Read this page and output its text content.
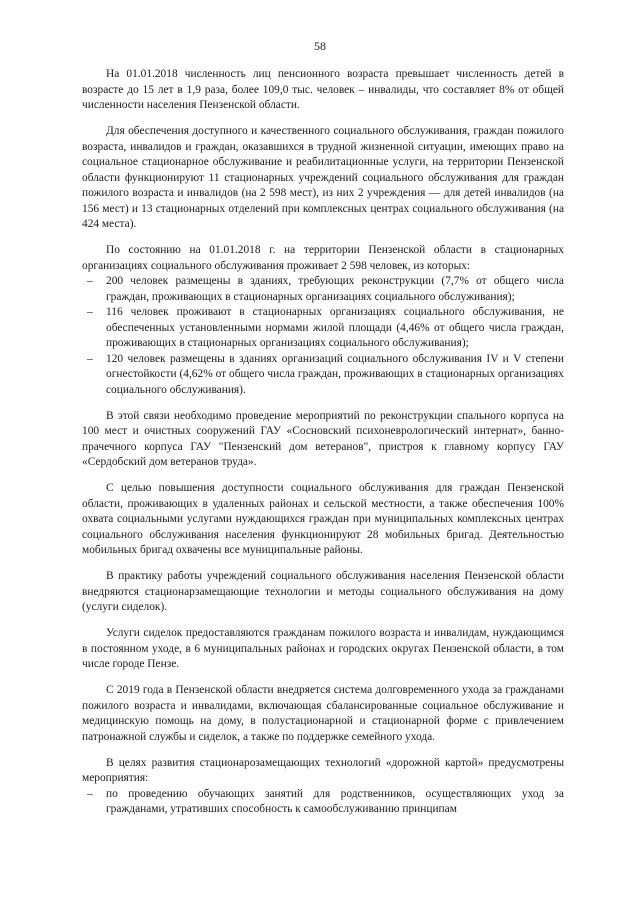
58

На 01.01.2018 численность лиц пенсионного возраста превышает численность детей в возрасте до 15 лет в 1,9 раза, более 109,0 тыс. человек – инвалиды, что составляет 8% от общей численности населения Пензенской области.

Для обеспечения доступного и качественного социального обслуживания, граждан пожилого возраста, инвалидов и граждан, оказавшихся в трудной жизненной ситуации, имеющих право на социальное стационарное обслуживание и реабилитационные услуги, на территории Пензенской области функционируют 11 стационарных учреждений социального обслуживания для граждан пожилого возраста и инвалидов (на 2 598 мест), из них 2 учреждения — для детей инвалидов (на 156 мест) и 13 стационарных отделений при комплексных центрах социального обслуживания (на 424 места).

По состоянию на 01.01.2018 г. на территории Пензенской области в стационарных организациях социального обслуживания проживает 2 598 человек, из которых:

– 200 человек размещены в зданиях, требующих реконструкции (7,7% от общего числа граждан, проживающих в стационарных организациях социального обслуживания);
– 116 человек проживают в стационарных организациях социального обслуживания, не обеспеченных установленными нормами жилой площади (4,46% от общего числа граждан, проживающих в стационарных организациях социального обслуживания);
– 120 человек размещены в зданиях организаций социального обслуживания IV и V степени огнестойкости (4,62% от общего числа граждан, проживающих в стационарных организациях социального обслуживания).

В этой связи необходимо проведение мероприятий по реконструкции спального корпуса на 100 мест и очистных сооружений ГАУ «Сосновский психоневрологический интернат», банно-прачечного корпуса ГАУ "Пензенский дом ветеранов", пристроя к главному корпусу ГАУ «Сердобский дом ветеранов труда».

С целью повышения доступности социального обслуживания для граждан Пензенской области, проживающих в удаленных районах и сельской местности, а также обеспечения 100% охвата социальными услугами нуждающихся граждан при муниципальных комплексных центрах социального обслуживания населения функционируют 28 мобильных бригад. Деятельностью мобильных бригад охвачены все муниципальные районы.

В практику работы учреждений социального обслуживания населения Пензенской области внедряются стационарзамещающие технологии и методы социального обслуживания на дому (услуги сиделок).

Услуги сиделок предоставляются гражданам пожилого возраста и инвалидам, нуждающимся в постоянном уходе, в 6 муниципальных районах и городских округах Пензенской области, в том числе городе Пензе.

С 2019 года в Пензенской области внедряется система долговременного ухода за гражданами пожилого возраста и инвалидами, включающая сбалансированные социальное обслуживание и медицинскую помощь на дому, в полустационарной и стационарной форме с привлечением патронажной службы и сиделок, а также по поддержке семейного ухода.

В целях развития стационарозамещающих технологий «дорожной картой» предусмотрены мероприятия:

– по проведению обучающих занятий для родственников, осуществляющих уход за гражданами, утративших способность к самообслуживанию принципам
